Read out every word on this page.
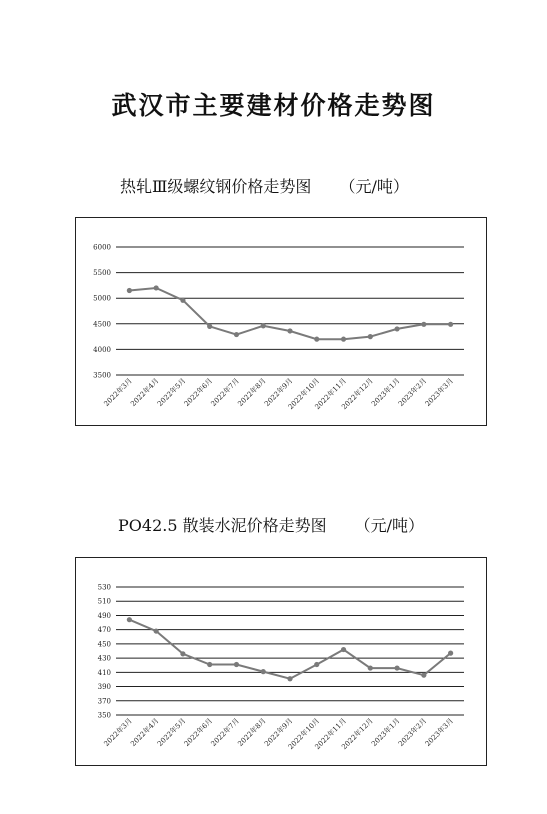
武汉市主要建材价格走势图
热轧Ⅲ级螺纹钢价格走势图 （元/吨）
3500
4000
4500
5000
5500
6000
2022年3月
2022年4月
2022年5月
2022年6月
2022年7月
2022年8月
2022年9月
2022年10月
2022年11月
2022年12月
2023年1月
2023年2月
2023年3月
PO42.5 散装水泥价格走势图 （元/吨）
350
370
390
410
430
450
470
490
510
530
2022年3月
2022年4月
2022年5月
2022年6月
2022年7月
2022年8月
2022年9月
2022年10月
2022年11月
2022年12月
2023年1月
2023年2月
2023年3月
